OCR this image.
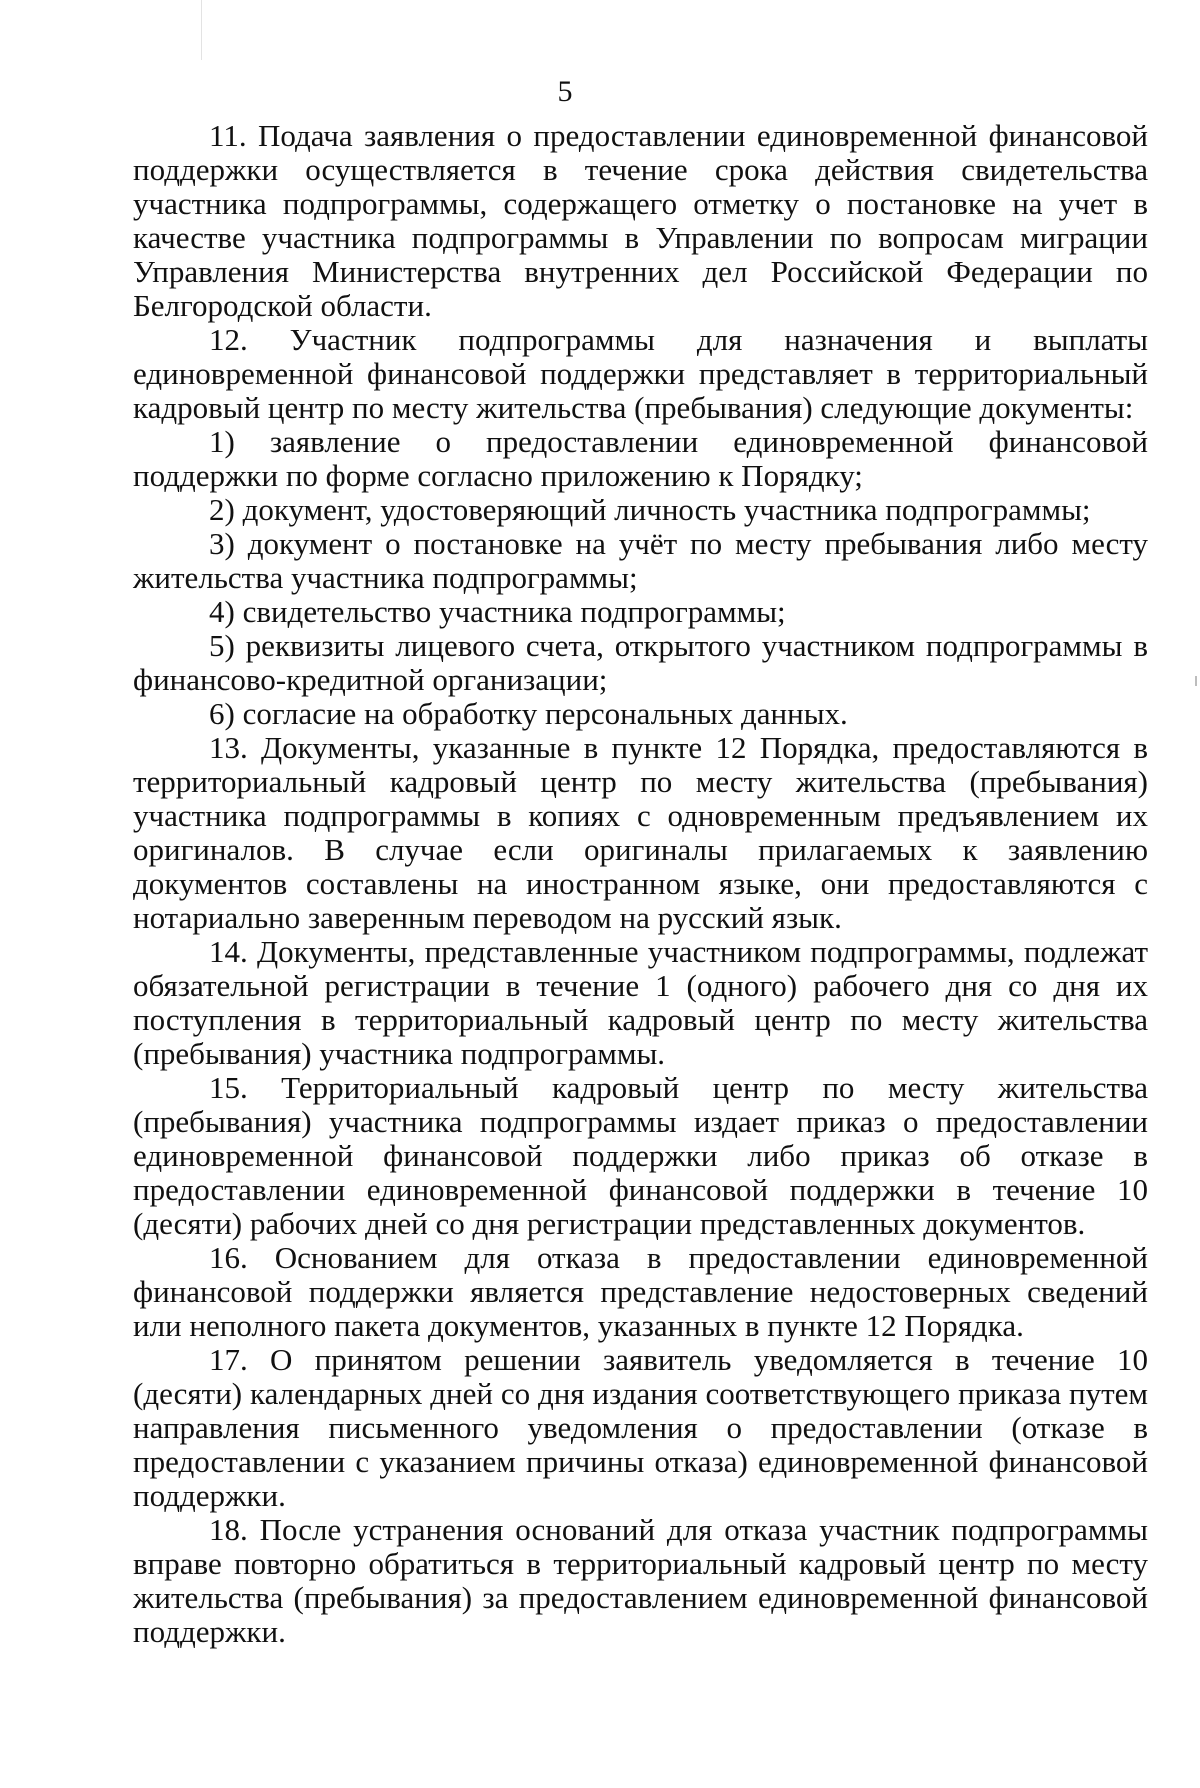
5

11. Подача заявления о предоставлении единовременной финансовой поддержки осуществляется в течение срока действия свидетельства участника подпрограммы, содержащего отметку о постановке на учет в качестве участника подпрограммы в Управлении по вопросам миграции Управления Министерства внутренних дел Российской Федерации по Белгородской области.

12. Участник подпрограммы для назначения и выплаты единовременной финансовой поддержки представляет в территориальный кадровый центр по месту жительства (пребывания) следующие документы:

1) заявление о предоставлении единовременной финансовой поддержки по форме согласно приложению к Порядку;

2) документ, удостоверяющий личность участника подпрограммы;

3) документ о постановке на учёт по месту пребывания либо месту жительства участника подпрограммы;

4) свидетельство участника подпрограммы;

5) реквизиты лицевого счета, открытого участником подпрограммы в финансово-кредитной организации;

6) согласие на обработку персональных данных.

13. Документы, указанные в пункте 12 Порядка, предоставляются в территориальный кадровый центр по месту жительства (пребывания) участника подпрограммы в копиях с одновременным предъявлением их оригиналов. В случае если оригиналы прилагаемых к заявлению документов составлены на иностранном языке, они предоставляются с нотариально заверенным переводом на русский язык.

14. Документы, представленные участником подпрограммы, подлежат обязательной регистрации в течение 1 (одного) рабочего дня со дня их поступления в территориальный кадровый центр по месту жительства (пребывания) участника подпрограммы.

15. Территориальный кадровый центр по месту жительства (пребывания) участника подпрограммы издает приказ о предоставлении единовременной финансовой поддержки либо приказ об отказе в предоставлении единовременной финансовой поддержки в течение 10 (десяти) рабочих дней со дня регистрации представленных документов.

16. Основанием для отказа в предоставлении единовременной финансовой поддержки является представление недостоверных сведений или неполного пакета документов, указанных в пункте 12 Порядка.

17. О принятом решении заявитель уведомляется в течение 10 (десяти) календарных дней со дня издания соответствующего приказа путем направления письменного уведомления о предоставлении (отказе в предоставлении с указанием причины отказа) единовременной финансовой поддержки.

18. После устранения оснований для отказа участник подпрограммы вправе повторно обратиться в территориальный кадровый центр по месту жительства (пребывания) за предоставлением единовременной финансовой поддержки.
